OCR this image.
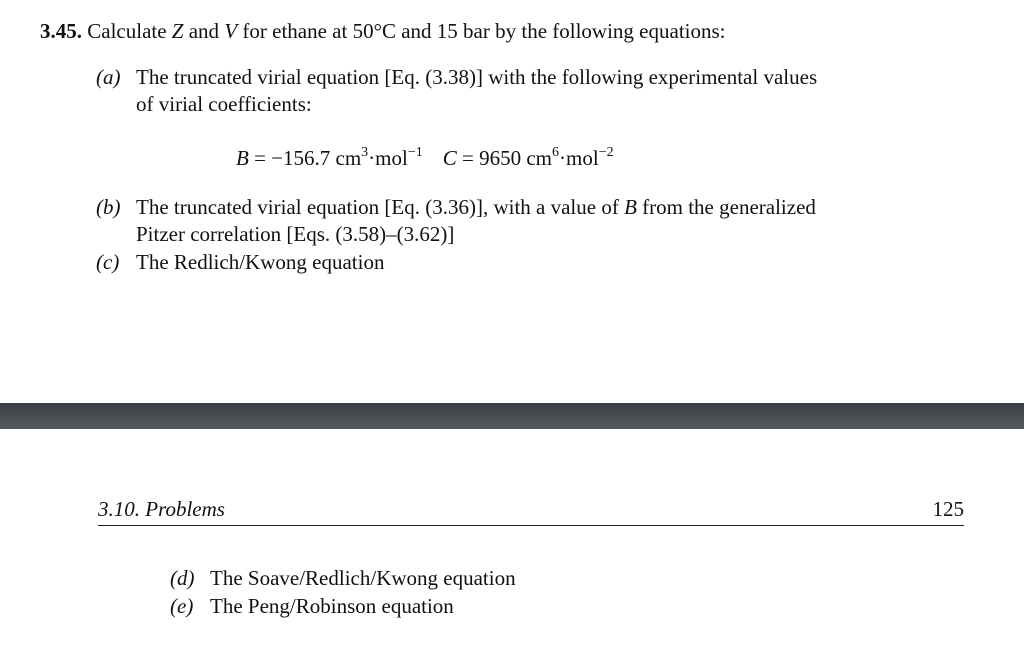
3.45. Calculate Z and V for ethane at 50°C and 15 bar by the following equations:
(a) The truncated virial equation [Eq. (3.38)] with the following experimental values
of virial coefficients:
B = −156.7 $cm^3\cdot mol^{-1}$ C = 9650 $cm^6\cdot mol^{-2}$
(b) The truncated virial equation [Eq. (3.36)], with a value of B from the generalized
Pitzer correlation [Eqs. (3.58)–(3.62)]
(c) The Redlich/Kwong equation
3.10. Problems	125
(d) The Soave/Redlich/Kwong equation
(e) The Peng/Robinson equation
